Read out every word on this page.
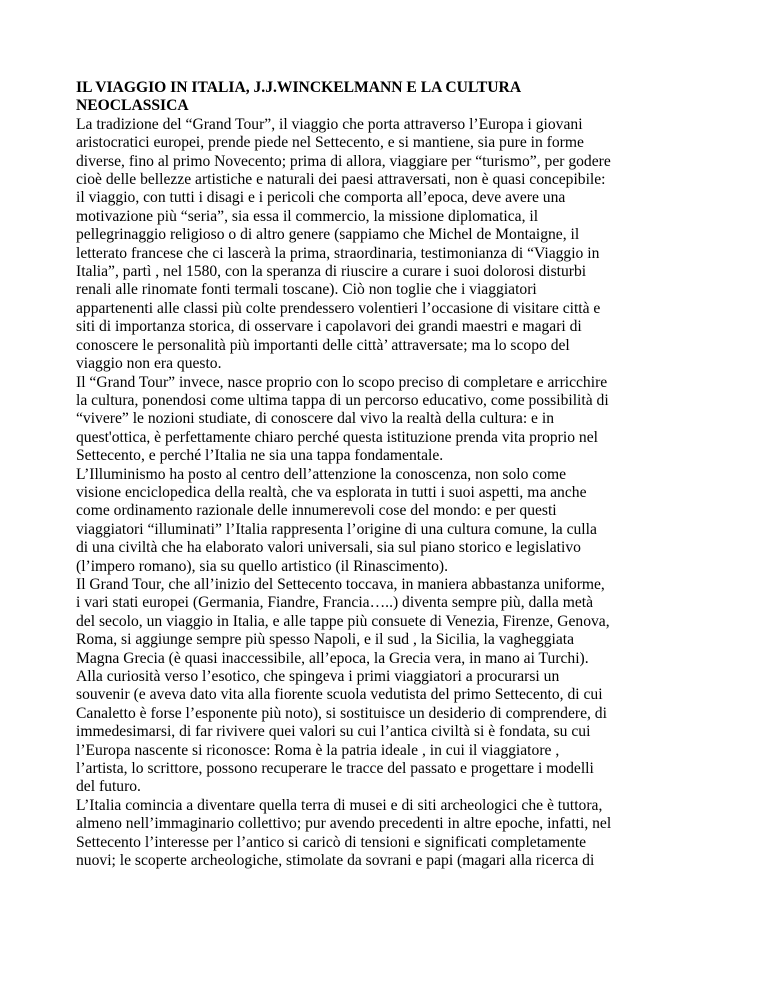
IL VIAGGIO IN ITALIA, J.J.WINCKELMANN E LA CULTURA
NEOCLASSICA

La tradizione del “Grand Tour”, il viaggio che porta attraverso l’Europa i giovani
aristocratici europei, prende piede nel Settecento, e si mantiene, sia pure in forme
diverse, fino al primo Novecento; prima di allora, viaggiare per “turismo”, per godere
cioè delle bellezze artistiche e naturali dei paesi attraversati, non è quasi concepibile:
il viaggio, con tutti i disagi e i pericoli che comporta all’epoca, deve avere una
motivazione più “seria”, sia essa il commercio, la missione diplomatica, il
pellegrinaggio religioso o di altro genere (sappiamo che Michel de Montaigne, il
letterato francese che ci lascerà la prima, straordinaria, testimonianza di “Viaggio in
Italia”, partì , nel 1580, con la speranza di riuscire a curare i suoi dolorosi disturbi
renali alle rinomate fonti termali toscane). Ciò non toglie che i viaggiatori
appartenenti alle classi più colte prendessero volentieri l’occasione di visitare città e
siti di importanza storica, di osservare i capolavori dei grandi maestri e magari di
conoscere le personalità più importanti delle città’ attraversate; ma lo scopo del
viaggio non era questo.

Il “Grand Tour” invece, nasce proprio con lo scopo preciso di completare e arricchire
la cultura, ponendosi come ultima tappa di un percorso educativo, come possibilità di
“vivere” le nozioni studiate, di conoscere dal vivo la realtà della cultura: e in
quest'ottica, è perfettamente chiaro perché questa istituzione prenda vita proprio nel
Settecento, e perché l’Italia ne sia una tappa fondamentale.

L’Illuminismo ha posto al centro dell’attenzione la conoscenza, non solo come
visione enciclopedica della realtà, che va esplorata in tutti i suoi aspetti, ma anche
come ordinamento razionale delle innumerevoli cose del mondo: e per questi
viaggiatori “illuminati” l’Italia rappresenta l’origine di una cultura comune, la culla
di una civiltà che ha elaborato valori universali, sia sul piano storico e legislativo
(l’impero romano), sia su quello artistico (il Rinascimento).

Il Grand Tour, che all’inizio del Settecento toccava, in maniera abbastanza uniforme,
i vari stati europei (Germania, Fiandre, Francia…..) diventa sempre più, dalla metà
del secolo, un viaggio in Italia, e alle tappe più consuete di Venezia, Firenze, Genova,
Roma, si aggiunge sempre più spesso Napoli, e il sud , la Sicilia, la vagheggiata
Magna Grecia (è quasi inaccessibile, all’epoca, la Grecia vera, in mano ai Turchi).
Alla curiosità verso l’esotico, che spingeva i primi viaggiatori a procurarsi un
souvenir (e aveva dato vita alla fiorente scuola vedutista del primo Settecento, di cui
Canaletto è forse l’esponente più noto), si sostituisce un desiderio di comprendere, di
immedesimarsi, di far rivivere quei valori su cui l’antica civiltà si è fondata, su cui
l’Europa nascente si riconosce: Roma è la patria ideale , in cui il viaggiatore ,
l’artista, lo scrittore, possono recuperare le tracce del passato e progettare i modelli
del futuro.

L’Italia comincia a diventare quella terra di musei e di siti archeologici che è tuttora,
almeno nell’immaginario collettivo; pur avendo precedenti in altre epoche, infatti, nel
Settecento l’interesse per l’antico si caricò di tensioni e significati completamente
nuovi; le scoperte archeologiche, stimolate da sovrani e papi (magari alla ricerca di
